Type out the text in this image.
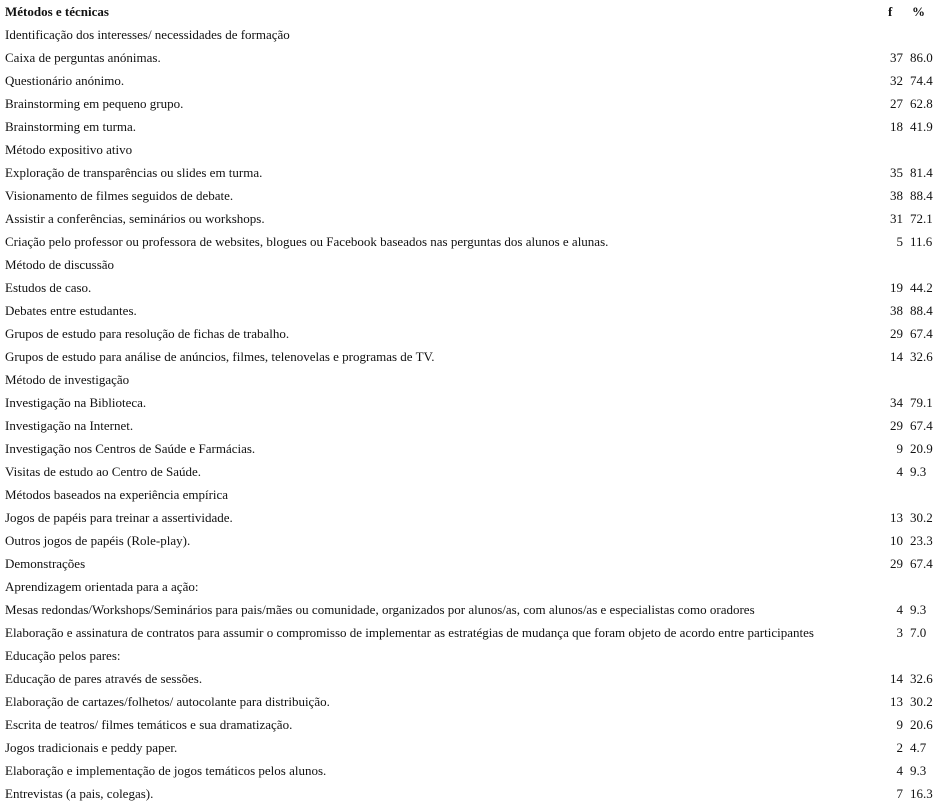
Métodos e técnicas	f %
Identificação dos interesses/ necessidades de formação
Caixa de perguntas anónimas.	37 86.0
Questionário anónimo.	32 74.4
Brainstorming em pequeno grupo.	27 62.8
Brainstorming em turma.	18 41.9
Método expositivo ativo
Exploração de transparências ou slides em turma.	35 81.4
Visionamento de filmes seguidos de debate.	38 88.4
Assistir a conferências, seminários ou workshops.	31 72.1
Criação pelo professor ou professora de websites, blogues ou Facebook baseados nas perguntas dos alunos e alunas.	5 11.6
Método de discussão
Estudos de caso.	19 44.2
Debates entre estudantes.	38 88.4
Grupos de estudo para resolução de fichas de trabalho.	29 67.4
Grupos de estudo para análise de anúncios, filmes, telenovelas e programas de TV.	14 32.6
Método de investigação
Investigação na Biblioteca.	34 79.1
Investigação na Internet.	29 67.4
Investigação nos Centros de Saúde e Farmácias.	9 20.9
Visitas de estudo ao Centro de Saúde.	4 9.3
Métodos baseados na experiência empírica
Jogos de papéis para treinar a assertividade.	13 30.2
Outros jogos de papéis (Role-play).	10 23.3
Demonstrações	29 67.4
Aprendizagem orientada para a ação:
Mesas redondas/Workshops/Seminários para pais/mães ou comunidade, organizados por alunos/as, com alunos/as e especialistas como oradores	4 9.3
Elaboração e assinatura de contratos para assumir o compromisso de implementar as estratégias de mudança que foram objeto de acordo entre participantes	3 7.0
Educação pelos pares:
Educação de pares através de sessões.	14 32.6
Elaboração de cartazes/folhetos/ autocolante para distribuição.	13 30.2
Escrita de teatros/ filmes temáticos e sua dramatização.	9 20.6
Jogos tradicionais e peddy paper.	2 4.7
Elaboração e implementação de jogos temáticos pelos alunos.	4 9.3
Entrevistas (a pais, colegas).	7 16.3
